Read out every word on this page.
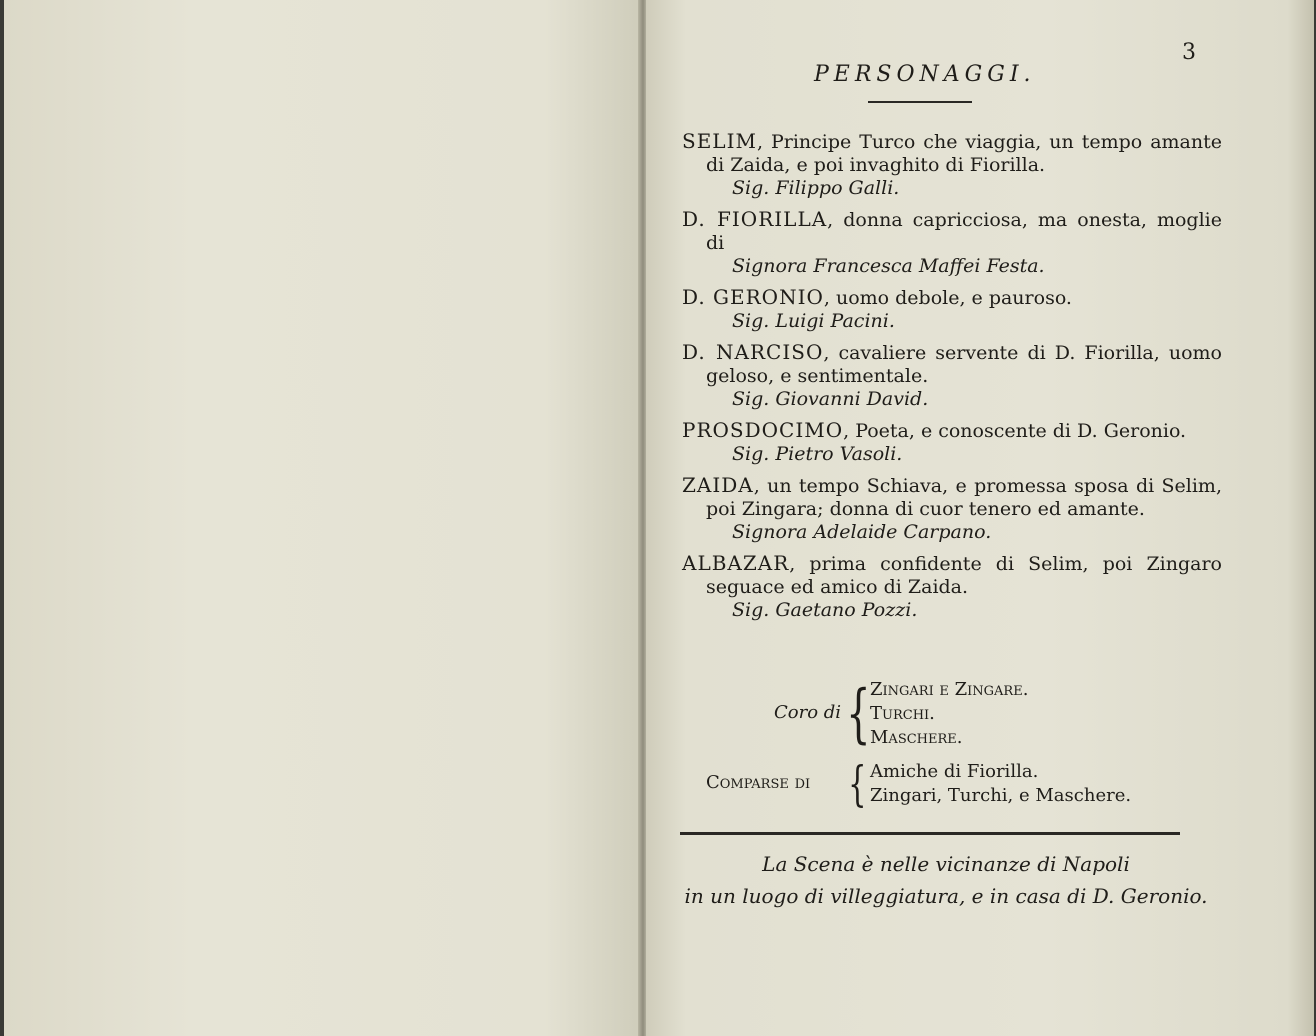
3
PERSONAGGI.
SELIM, Principe Turco che viaggia, un tempo amante di Zaida, e poi invaghito di Fiorilla.
Sig. Filippo Galli.
D. FIORILLA, donna capricciosa, ma onesta, moglie di
Signora Francesca Maffei Festa.
D. GERONIO, uomo debole, e pauroso.
Sig. Luigi Pacini.
D. NARCISO, cavaliere servente di D. Fiorilla, uomo geloso, e sentimentale.
Sig. Giovanni David.
PROSDOCIMO, Poeta, e conoscente di D. Geronio.
Sig. Pietro Vasoli.
ZAIDA, un tempo Schiava, e promessa sposa di Selim, poi Zingara; donna di cuor tenero ed amante.
Signora Adelaide Carpano.
ALBAZAR, prima confidente di Selim, poi Zingaro seguace ed amico di Zaida.
Sig. Gaetano Pozzi.
Coro di { Zingari e Zingare.
Turchi.
Maschere.
Comparse di { Amiche di Fiorilla.
Zingari, Turchi, e Maschere.
La Scena è nelle vicinanze di Napoli
in un luogo di villeggiatura, e in casa di D. Geronio.
